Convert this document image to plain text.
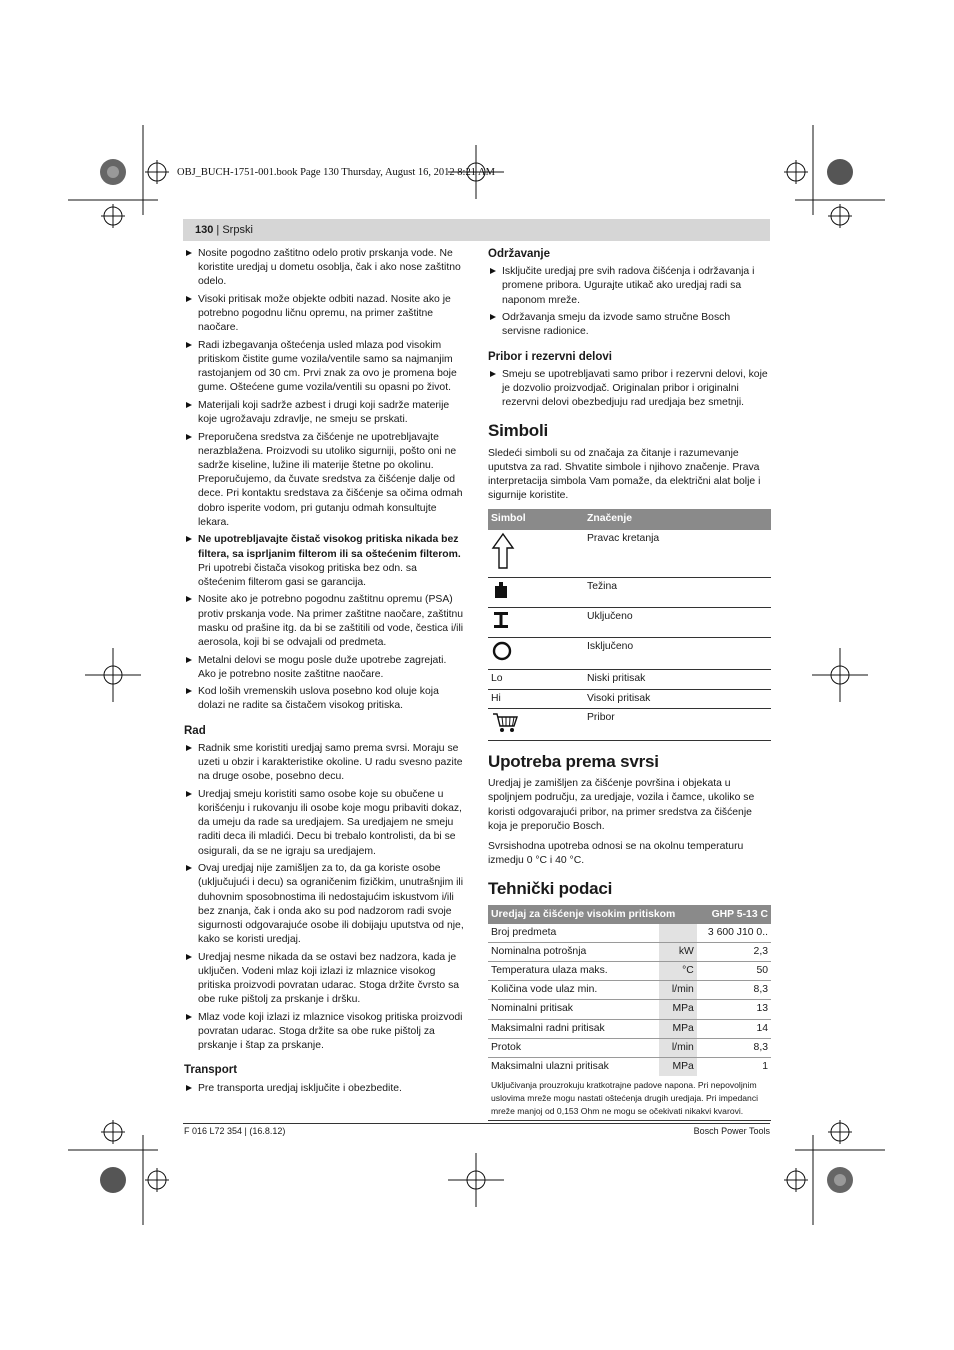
OBJ_BUCH-1751-001.book Page 130 Thursday, August 16, 2012 8:21 AM
130 | Srpski
Nosite pogodno zaštitno odelo protiv prskanja vode. Ne koristite uredjaj u dometu osoblja, čak i ako nose zaštitno odelo.
Visoki pritisak može objekte odbiti nazad. Nosite ako je potrebno pogodnu ličnu opremu, na primer zaštitne naočare.
Radi izbegavanja oštećenja usled mlaza pod visokim pritiskom čistite gume vozila/ventile samo sa najmanjim rastojanjem od 30 cm. Prvi znak za ovo je promena boje gume. Oštećene gume vozila/ventili su opasni po život.
Materijali koji sadrže azbest i drugi koji sadrže materije koje ugrožavaju zdravlje, ne smeju se prskati.
Preporučena sredstva za čišćenje ne upotrebljavajte nerazblažena. Proizvodi su utoliko sigurniji, pošto oni ne sadrže kiseline, lužine ili materije štetne po okolinu. Preporučujemo, da čuvate sredstva za čišćenje dalje od dece. Pri kontaktu sredstava za čišćenje sa očima odmah dobro isperite vodom, pri gutanju odmah konsultujte lekara.
Ne upotrebljavajte čistač visokog pritiska nikada bez filtera, sa isprljanim filterom ili sa oštećenim filterom.
Pri upotrebi čistača visokog pritiska bez odn. sa oštećenim filterom gasi se garancija.
Nosite ako je potrebno pogodnu zaštitnu opremu (PSA) protiv prskanja vode. Na primer zaštitne naočare, zaštitnu masku od prašine itg. da bi se zaštitili od vode, čestica i/ili aerosola, koji bi se odvajali od predmeta.
Metalni delovi se mogu posle duže upotrebe zagrejati. Ako je potrebno nosite zaštitne naočare.
Kod loših vremenskih uslova posebno kod oluje koja dolazi ne radite sa čistačem visokog pritiska.
Rad
Radnik sme koristiti uredjaj samo prema svrsi. Moraju se uzeti u obzir i karakteristike okoline. U radu svesno pazite na druge osobe, posebno decu.
Uredjaj smeju koristiti samo osobe koje su obučene u korišćenju i rukovanju ili osobe koje mogu pribaviti dokaz, da umeju da rade sa uredjajem. Sa uredjajem ne smeju raditi deca ili mladići. Decu bi trebalo kontrolisti, da bi se osigurali, da se ne igraju sa uredjajem.
Ovaj uredjaj nije zamišljen za to, da ga koriste osobe (uključujući i decu) sa ograničenim fizičkim, unutrašnjim ili duhovnim sposobnostima ili nedostajućim iskustvom i/ili bez znanja, čak i onda ako su pod nadzorom radi svoje sigurnosti odgovarajuće osobe ili dobijaju uputstva od nje, kako se koristi uredjaj.
Uredjaj nesme nikada da se ostavi bez nadzora, kada je uključen. Vodeni mlaz koji izlazi iz mlaznice visokog pritiska proizvodi povratan udarac. Stoga držite čvrsto sa obe ruke pištolj za prskanje i dršku.
Mlaz vode koji izlazi iz mlaznice visokog pritiska proizvodi povratan udarac. Stoga držite sa obe ruke pištolj za prskanje i štap za prskanje.
Transport
Pre transporta uredjaj isključite i obezbedite.
Održavanje
Isključite uredjaj pre svih radova čišćenja i održavanja i promene pribora. Ugurajte utikač ako uredjaj radi sa naponom mreže.
Održavanja smeju da izvode samo stručne Bosch servisne radionice.
Pribor i rezervni delovi
Smeju se upotrebljavati samo pribor i rezervni delovi, koje je dozvolio proizvodjač. Originalan pribor i originalni rezervni delovi obezbedjuju rad uredjaja bez smetnji.
Simboli

Sledeći simboli su od značaja za čitanje i razumevanje uputstva za rad. Shvatite simbole i njihovo značenje. Prava interpretacija simbola Vam pomaže, da električni alat bolje i sigurnije koristite.

Simbol	Značenje
	Pravac kretanja
	Težina
	Uključeno
	Isključeno
Lo	Niski pritisak
Hi	Visoki pritisak
	Pribor
Upotreba prema svrsi

Uredjaj je zamišljen za čišćenje površina i objekata u spoljnjem području, za uredjaje, vozila i čamce, ukoliko se koristi odgovarajući pribor, na primer sredstva za čišćenje koja je preporučio Bosch.

Svrsishodna upotreba odnosi se na okolnu temperaturu izmedju 0 °C i 40 °C.

Tehnički podaci
Uredjaj za čišćenje visokim pritiskom		GHP 5-13 C
Broj predmeta		3 600 J10 0..
Nominalna potrošnja	kW	2,3
Temperatura ulaza maks.	°C	50
Količina vode ulaz min.	l/min	8,3
Nominalni pritisak	MPa	13
Maksimalni radni pritisak	MPa	14
Protok	l/min	8,3
Maksimalni ulazni pritisak	MPa	1
Uključivanja prouzrokuju kratkotrajne padove napona. Pri nepovoljnim uslovima mreže mogu nastati oštećenja drugih uredjaja. Pri impedanci mreže manjoj od 0,153 Ohm ne mogu se očekivati nikakvi kvarovi.
F 016 L72 354 | (16.8.12)	Bosch Power Tools
